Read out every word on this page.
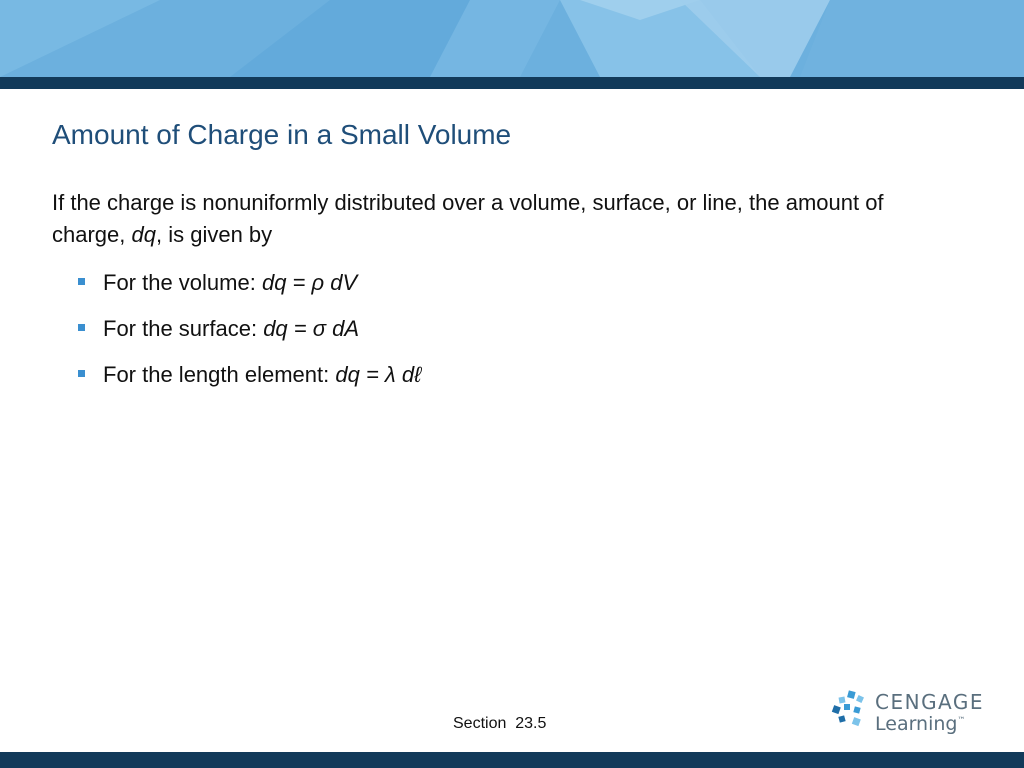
Amount of Charge in a Small Volume
If the charge is nonuniformly distributed over a volume, surface, or line, the amount of charge, dq, is given by
For the volume: dq = ρ dV
For the surface: dq = σ dA
For the length element: dq = λ dℓ
Section  23.5
CENGAGE
Learning™
